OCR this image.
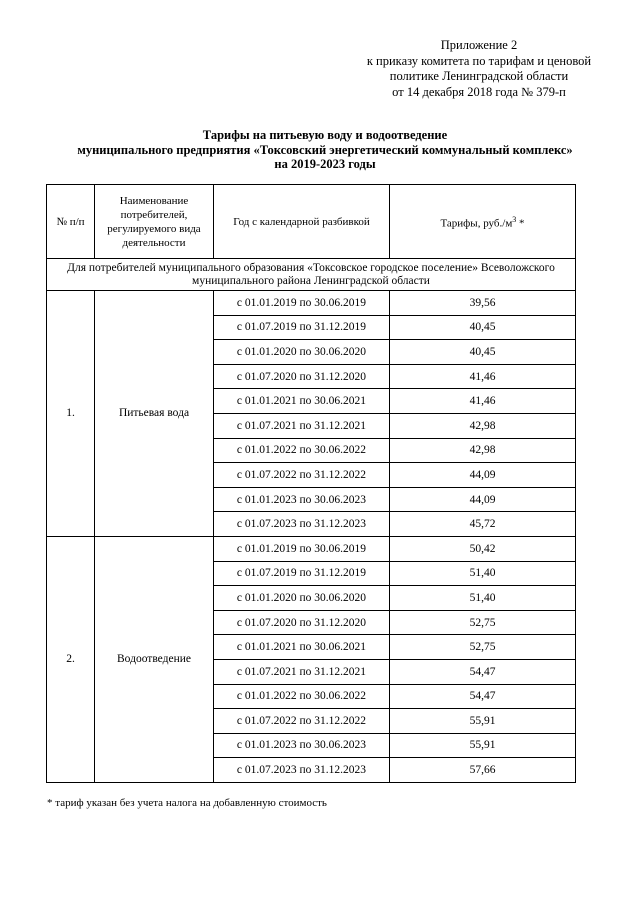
Приложение 2
к приказу комитета по тарифам и ценовой
политике Ленинградской области
от 14 декабря 2018 года № 379-п
Тарифы на питьевую воду и водоотведение
муниципального предприятия «Токсовский энергетический коммунальный комплекс»
на 2019-2023 годы
№ п/п	Наименование
потребителей,
регулируемого вида
деятельности	Год с календарной разбивкой	Тарифы, $руб./м^3$ *

Для потребителей муниципального образования «Токсовское городское поселение» Всеволожского
муниципального района Ленинградской области			

1.	Питьевая вода	с 01.01.2019 по 30.06.2019	39,56
		с 01.07.2019 по 31.12.2019	40,45
		с 01.01.2020 по 30.06.2020	40,45
		с 01.07.2020 по 31.12.2020	41,46
		с 01.01.2021 по 30.06.2021	41,46
		с 01.07.2021 по 31.12.2021	42,98
		с 01.01.2022 по 30.06.2022	42,98
		с 01.07.2022 по 31.12.2022	44,09
		с 01.01.2023 по 30.06.2023	44,09
		с 01.07.2023 по 31.12.2023	45,72
2.	Водоотведение	с 01.01.2019 по 30.06.2019	50,42
		с 01.07.2019 по 31.12.2019	51,40
		с 01.01.2020 по 30.06.2020	51,40
		с 01.07.2020 по 31.12.2020	52,75
		с 01.01.2021 по 30.06.2021	52,75
		с 01.07.2021 по 31.12.2021	54,47
		с 01.01.2022 по 30.06.2022	54,47
		с 01.07.2022 по 31.12.2022	55,91
		с 01.01.2023 по 30.06.2023	55,91
		с 01.07.2023 по 31.12.2023	57,66
* тариф указан без учета налога на добавленную стоимость
